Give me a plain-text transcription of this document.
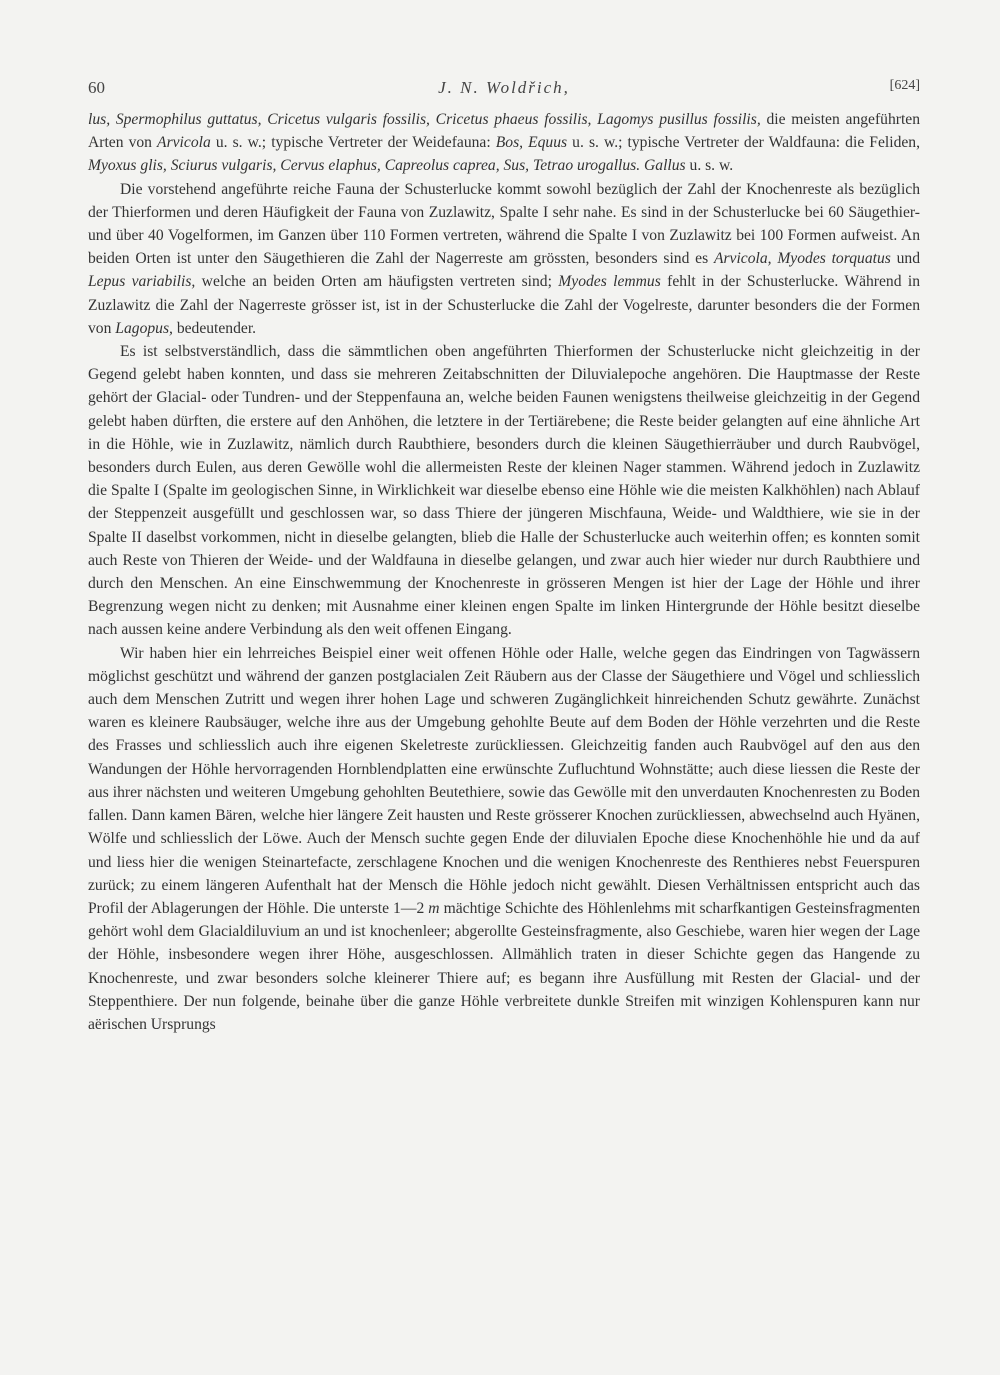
60	J. N. Woldřich,	[624]

lus, Spermophilus guttatus, Cricetus vulgaris fossilis, Cricetus phaeus fossilis, Lagomys pusillus fossilis, die meisten angeführten Arten von Arvicola u. s. w.; typische Vertreter der Weidefauna: Bos, Equus u. s. w.; typische Vertreter der Waldfauna: die Feliden, Myoxus glis, Sciurus vulgaris, Cervus elaphus, Capreolus caprea, Sus, Tetrao urogallus. Gallus u. s. w.

Die vorstehend angeführte reiche Fauna der Schusterlucke kommt sowohl bezüglich der Zahl der Knochenreste als bezüglich der Thierformen und deren Häufigkeit der Fauna von Zuzlawitz, Spalte I sehr nahe. Es sind in der Schusterlucke bei 60 Säugethier- und über 40 Vogelformen, im Ganzen über 110 Formen vertreten, während die Spalte I von Zuzlawitz bei 100 Formen aufweist. An beiden Orten ist unter den Säugethieren die Zahl der Nagerreste am grössten, besonders sind es Arvicola, Myodes torquatus und Lepus variabilis, welche an beiden Orten am häufigsten vertreten sind; Myodes lemmus fehlt in der Schusterlucke. Während in Zuzlawitz die Zahl der Nagerreste grösser ist, ist in der Schusterlucke die Zahl der Vogelreste, darunter besonders die der Formen von Lagopus, bedeutender.

Es ist selbstverständlich, dass die sämmtlichen oben angeführten Thierformen der Schusterlucke nicht gleichzeitig in der Gegend gelebt haben konnten, und dass sie mehreren Zeitabschnitten der Diluvialepoche angehören. Die Hauptmasse der Reste gehört der Glacial- oder Tundren- und der Steppenfauna an, welche beiden Faunen wenigstens theilweise gleichzeitig in der Gegend gelebt haben dürften, die erstere auf den Anhöhen, die letztere in der Tertiärebene; die Reste beider gelangten auf eine ähnliche Art in die Höhle, wie in Zuzlawitz, nämlich durch Raubthiere, besonders durch die kleinen Säugethierräuber und durch Raubvögel, besonders durch Eulen, aus deren Gewölle wohl die allermeisten Reste der kleinen Nager stammen. Während jedoch in Zuzlawitz die Spalte I (Spalte im geologischen Sinne, in Wirklichkeit war dieselbe ebenso eine Höhle wie die meisten Kalkhöhlen) nach Ablauf der Steppenzeit ausgefüllt und geschlossen war, so dass Thiere der jüngeren Mischfauna, Weide- und Waldthiere, wie sie in der Spalte II daselbst vorkommen, nicht in dieselbe gelangten, blieb die Halle der Schusterlucke auch weiterhin offen; es konnten somit auch Reste von Thieren der Weide- und der Waldfauna in dieselbe gelangen, und zwar auch hier wieder nur durch Raubthiere und durch den Menschen. An eine Einschwemmung der Knochenreste in grösseren Mengen ist hier der Lage der Höhle und ihrer Begrenzung wegen nicht zu denken; mit Ausnahme einer kleinen engen Spalte im linken Hintergrunde der Höhle besitzt dieselbe nach aussen keine andere Verbindung als den weit offenen Eingang.

Wir haben hier ein lehrreiches Beispiel einer weit offenen Höhle oder Halle, welche gegen das Eindringen von Tagwässern möglichst geschützt und während der ganzen postglacialen Zeit Räubern aus der Classe der Säugethiere und Vögel und schliesslich auch dem Menschen Zutritt und wegen ihrer hohen Lage und schweren Zugänglichkeit hinreichenden Schutz gewährte. Zunächst waren es kleinere Raubsäuger, welche ihre aus der Umgebung gehohlte Beute auf dem Boden der Höhle verzehrten und die Reste des Frasses und schliesslich auch ihre eigenen Skeletreste zurückliessen. Gleichzeitig fanden auch Raubvögel auf den aus den Wandungen der Höhle hervorragenden Hornblendplatten eine erwünschte Zufluchtund Wohnstätte; auch diese liessen die Reste der aus ihrer nächsten und weiteren Umgebung gehohlten Beutethiere, sowie das Gewölle mit den unverdauten Knochenresten zu Boden fallen. Dann kamen Bären, welche hier längere Zeit hausten und Reste grösserer Knochen zurückliessen, abwechselnd auch Hyänen, Wölfe und schliesslich der Löwe. Auch der Mensch suchte gegen Ende der diluvialen Epoche diese Knochenhöhle hie und da auf und liess hier die wenigen Steinartefacte, zerschlagene Knochen und die wenigen Knochenreste des Renthieres nebst Feuerspuren zurück; zu einem längeren Aufenthalt hat der Mensch die Höhle jedoch nicht gewählt. Diesen Verhältnissen entspricht auch das Profil der Ablagerungen der Höhle. Die unterste 1—2 m mächtige Schichte des Höhlenlehms mit scharfkantigen Gesteinsfragmenten gehört wohl dem Glacialdiluvium an und ist knochenleer; abgerollte Gesteinsfragmente, also Geschiebe, waren hier wegen der Lage der Höhle, insbesondere wegen ihrer Höhe, ausgeschlossen. Allmählich traten in dieser Schichte gegen das Hangende zu Knochenreste, und zwar besonders solche kleinerer Thiere auf; es begann ihre Ausfüllung mit Resten der Glacial- und der Steppenthiere. Der nun folgende, beinahe über die ganze Höhle verbreitete dunkle Streifen mit winzigen Kohlenspuren kann nur aërischen Ursprungs
